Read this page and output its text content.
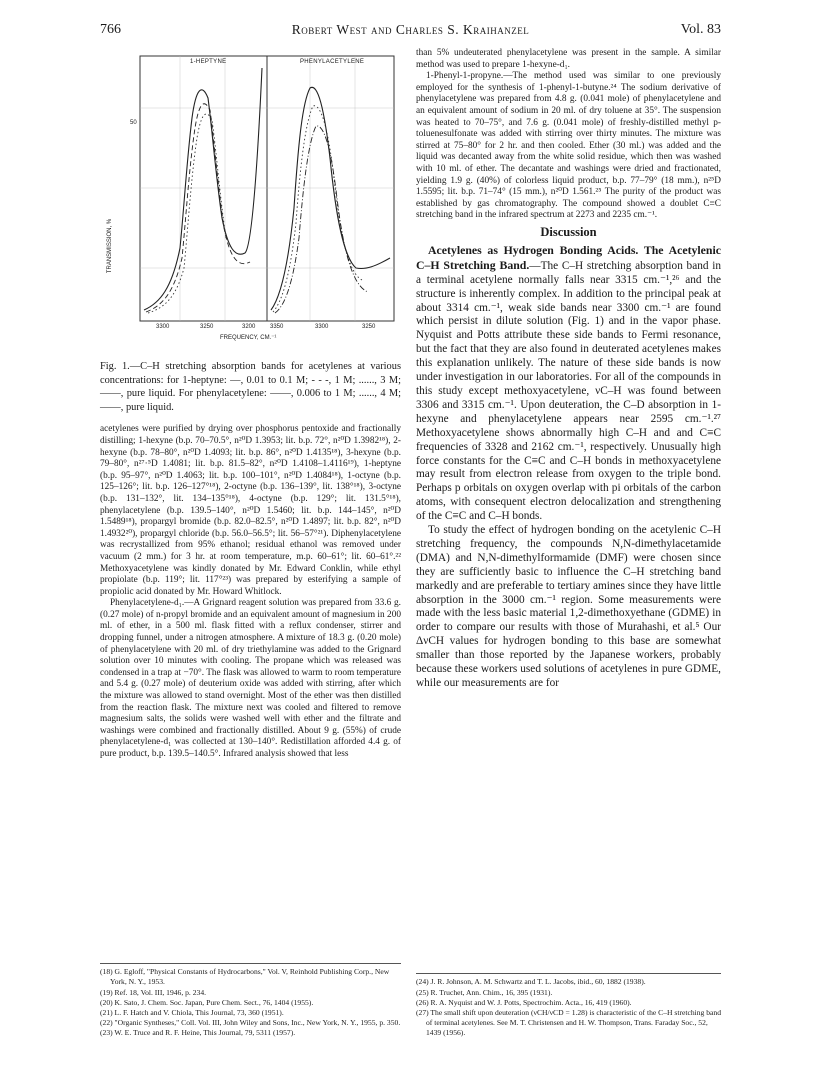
766	Robert West and Charles S. Kraihanzel	Vol. 83
1-HEPTYNE	PHENYLACETYLENE
TRANSMISSION, %
50
3300	3250	3200 3350	3300	3250
FREQUENCY, CM.⁻¹
Fig. 1.—C–H stretching absorption bands for acetylenes at various concentrations: for 1-heptyne: —, 0.01 to 0.1 M; - - -, 1 M; ......, 3 M; ——, pure liquid. For phenylacetylene: ——, 0.006 to 1 M; ......, 4 M; ——, pure liquid.

acetylenes were purified by drying over phosphorus pentoxide and fractionally distilling; 1-hexyne (b.p. 70–70.5°, n²⁰D 1.3953; lit. b.p. 72°, n²⁰D 1.3982¹⁸), 2-hexyne (b.p. 78–80°, n²⁰D 1.4093; lit. b.p. 86°, n²⁰D 1.4135¹⁸), 3-hexyne (b.p. 79–80°, n²⁷·⁵D 1.4081; lit. b.p. 81.5–82°, n²⁰D 1.4108–1.4116¹⁹), 1-heptyne (b.p. 95–97°, n²⁰D 1.4063; lit. b.p. 100–101°, n²⁰D 1.4084¹⁸), 1-octyne (b.p. 125–126°; lit. b.p. 126–127°¹⁸), 2-octyne (b.p. 136–139°, lit. 138°¹⁸), 3-octyne (b.p. 131–132°, lit. 134–135°¹⁸), 4-octyne (b.p. 129°; lit. 131.5°¹⁸), phenylacetylene (b.p. 139.5–140°, n²⁰D 1.5460; lit. b.p. 144–145°, n²⁰D 1.5489¹⁸), propargyl bromide (b.p. 82.0–82.5°, n²⁰D 1.4897; lit. b.p. 82°, n²⁰D 1.4932²⁰), propargyl chloride (b.p. 56.0–56.5°; lit. 56–57°²¹). Diphenylacetylene was recrystallized from 95% ethanol; residual ethanol was removed under vacuum (2 mm.) for 3 hr. at room temperature, m.p. 60–61°; lit. 60–61°.²² Methoxyacetylene was kindly donated by Mr. Edward Conklin, while ethyl propiolate (b.p. 119°; lit. 117°²³) was prepared by esterifying a sample of propiolic acid donated by Mr. Howard Whitlock.

Phenylacetylene-d₁.—A Grignard reagent solution was prepared from 33.6 g. (0.27 mole) of n-propyl bromide and an equivalent amount of magnesium in 200 ml. of ether, in a 500 ml. flask fitted with a reflux condenser, stirrer and dropping funnel, under a nitrogen atmosphere. A mixture of 18.3 g. (0.20 mole) of phenylacetylene with 20 ml. of dry triethylamine was added to the Grignard solution over 10 minutes with cooling. The propane which was released was condensed in a trap at −70°. The flask was allowed to warm to room temperature and 5.4 g. (0.27 mole) of deuterium oxide was added with stirring, after which the mixture was allowed to stand overnight. Most of the ether was then distilled from the reaction flask. The mixture next was cooled and filtered to remove magnesium salts, the solids were washed well with ether and the filtrate and washings were combined and fractionally distilled. About 9 g. (55%) of crude phenylacetylene-d₁ was collected at 130–140°. Redistillation afforded 4.4 g. of pure product, b.p. 139.5–140.5°. Infrared analysis showed that less

(18) G. Egloff, "Physical Constants of Hydrocarbons," Vol. V, Reinhold Publishing Corp., New York, N. Y., 1953.
(19) Ref. 18, Vol. III, 1946, p. 234.
(20) K. Sato, J. Chem. Soc. Japan, Pure Chem. Sect., 76, 1404 (1955).
(21) L. F. Hatch and V. Chiola, This Journal, 73, 360 (1951).
(22) "Organic Syntheses," Coll. Vol. III, John Wiley and Sons, Inc., New York, N. Y., 1955, p. 350.
(23) W. E. Truce and R. F. Heine, This Journal, 79, 5311 (1957).

than 5% undeuterated phenylacetylene was present in the sample. A similar method was used to prepare 1-hexyne-d₁.

1-Phenyl-1-propyne.—The method used was similar to one previously employed for the synthesis of 1-phenyl-1-butyne.²⁴ The sodium derivative of phenylacetylene was prepared from 4.8 g. (0.041 mole) of phenylacetylene and an equivalent amount of sodium in 20 ml. of dry toluene at 35°. The suspension was heated to 70–75°, and 7.6 g. (0.041 mole) of freshly-distilled methyl p-toluenesulfonate was added with stirring over thirty minutes. The mixture was stirred at 75–80° for 2 hr. and then cooled. Ether (30 ml.) was added and the liquid was decanted away from the white solid residue, which then was washed with 10 ml. of ether. The decantate and washings were dried and fractionated, yielding 1.9 g. (40%) of colorless liquid product, b.p. 77–79° (18 mm.), n²⁵D 1.5595; lit. b.p. 71–74° (15 mm.), n²⁰D 1.561.²⁵ The purity of the product was established by gas chromatography. The compound showed a doublet C≡C stretching band in the infrared spectrum at 2273 and 2235 cm.⁻¹.

Discussion

Acetylenes as Hydrogen Bonding Acids. The Acetylenic C–H Stretching Band.—The C–H stretching absorption band in a terminal acetylene normally falls near 3315 cm.⁻¹,²⁶ and the structure is inherently complex. In addition to the principal peak at about 3314 cm.⁻¹, weak side bands near 3300 cm.⁻¹ are found which persist in dilute solution (Fig. 1) and in the vapor phase. Nyquist and Potts attribute these side bands to Fermi resonance, but the fact that they are also found in deuterated acetylenes makes this explanation unlikely. The nature of these side bands is now under investigation in our laboratories. For all of the compounds in this study except methoxyacetylene, νC–H was found between 3306 and 3315 cm.⁻¹. Upon deuteration, the C–D absorption in 1-hexyne and phenylacetylene appears near 2595 cm.⁻¹.²⁷ Methoxyacetylene shows abnormally high C–H and and C≡C frequencies of 3328 and 2162 cm.⁻¹, respectively. Unusually high force constants for the C≡C and C–H bonds in methoxyacetylene may result from electron release from oxygen to the triple bond. Perhaps p orbitals on oxygen overlap with pi orbitals of the carbon atoms, with consequent electron delocalization and strengthening of the C≡C and C–H bonds.

To study the effect of hydrogen bonding on the acetylenic C–H stretching frequency, the compounds N,N-dimethylacetamide (DMA) and N,N-dimethylformamide (DMF) were chosen since they are sufficiently basic to influence the C–H stretching band markedly and are preferable to tertiary amines since they have little absorption in the 3000 cm.⁻¹ region. Some measurements were made with the less basic material 1,2-dimethoxyethane (GDME) in order to compare our results with those of Murahashi, et al.⁵ Our ΔνCH values for hydrogen bonding to this base are somewhat smaller than those reported by the Japanese workers, probably because these workers used solutions of acetylenes in pure GDME, while our measurements are for

(24) J. R. Johnson, A. M. Schwartz and T. L. Jacobs, ibid., 60, 1882 (1938).
(25) R. Truchet, Ann. Chim., 16, 395 (1931).
(26) R. A. Nyquist and W. J. Potts, Spectrochim. Acta., 16, 419 (1960).
(27) The small shift upon deuteration (νCH/νCD = 1.28) is characteristic of the C–H stretching band of terminal acetylenes. See M. T. Christensen and H. W. Thompson, Trans. Faraday Soc., 52, 1439 (1956).
